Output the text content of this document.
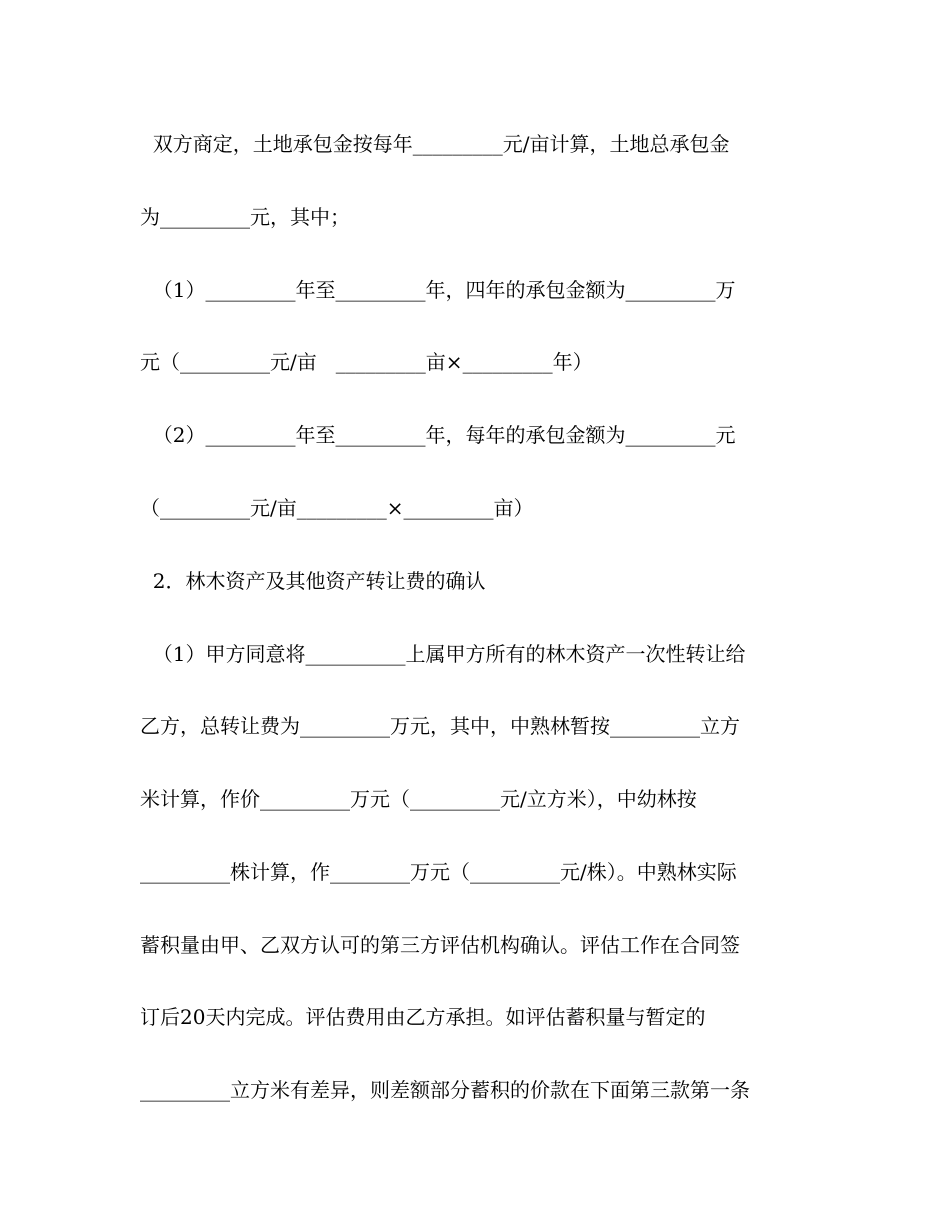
双方商定，土地承包金按每年_________元/亩计算，土地总承包金

为_________元，其中；

（1）_________年至_________年，四年的承包金额为_________万

元（_________元/亩   _________亩×_________年）

（2）_________年至_________年，每年的承包金额为_________元

（_________元/亩_________×_________亩）

2．林木资产及其他资产转让费的确认

（1）甲方同意将__________上属甲方所有的林木资产一次性转让给

乙方，总转让费为_________万元，其中，中熟林暂按_________立方

米计算，作价_________万元（_________元/立方米），中幼林按

_________株计算，作________万元（_________元/株）。中熟林实际

蓄积量由甲、乙双方认可的第三方评估机构确认。评估工作在合同签

订后20天内完成。评估费用由乙方承担。如评估蓄积量与暂定的

_________立方米有差异，则差额部分蓄积的价款在下面第三款第一条
